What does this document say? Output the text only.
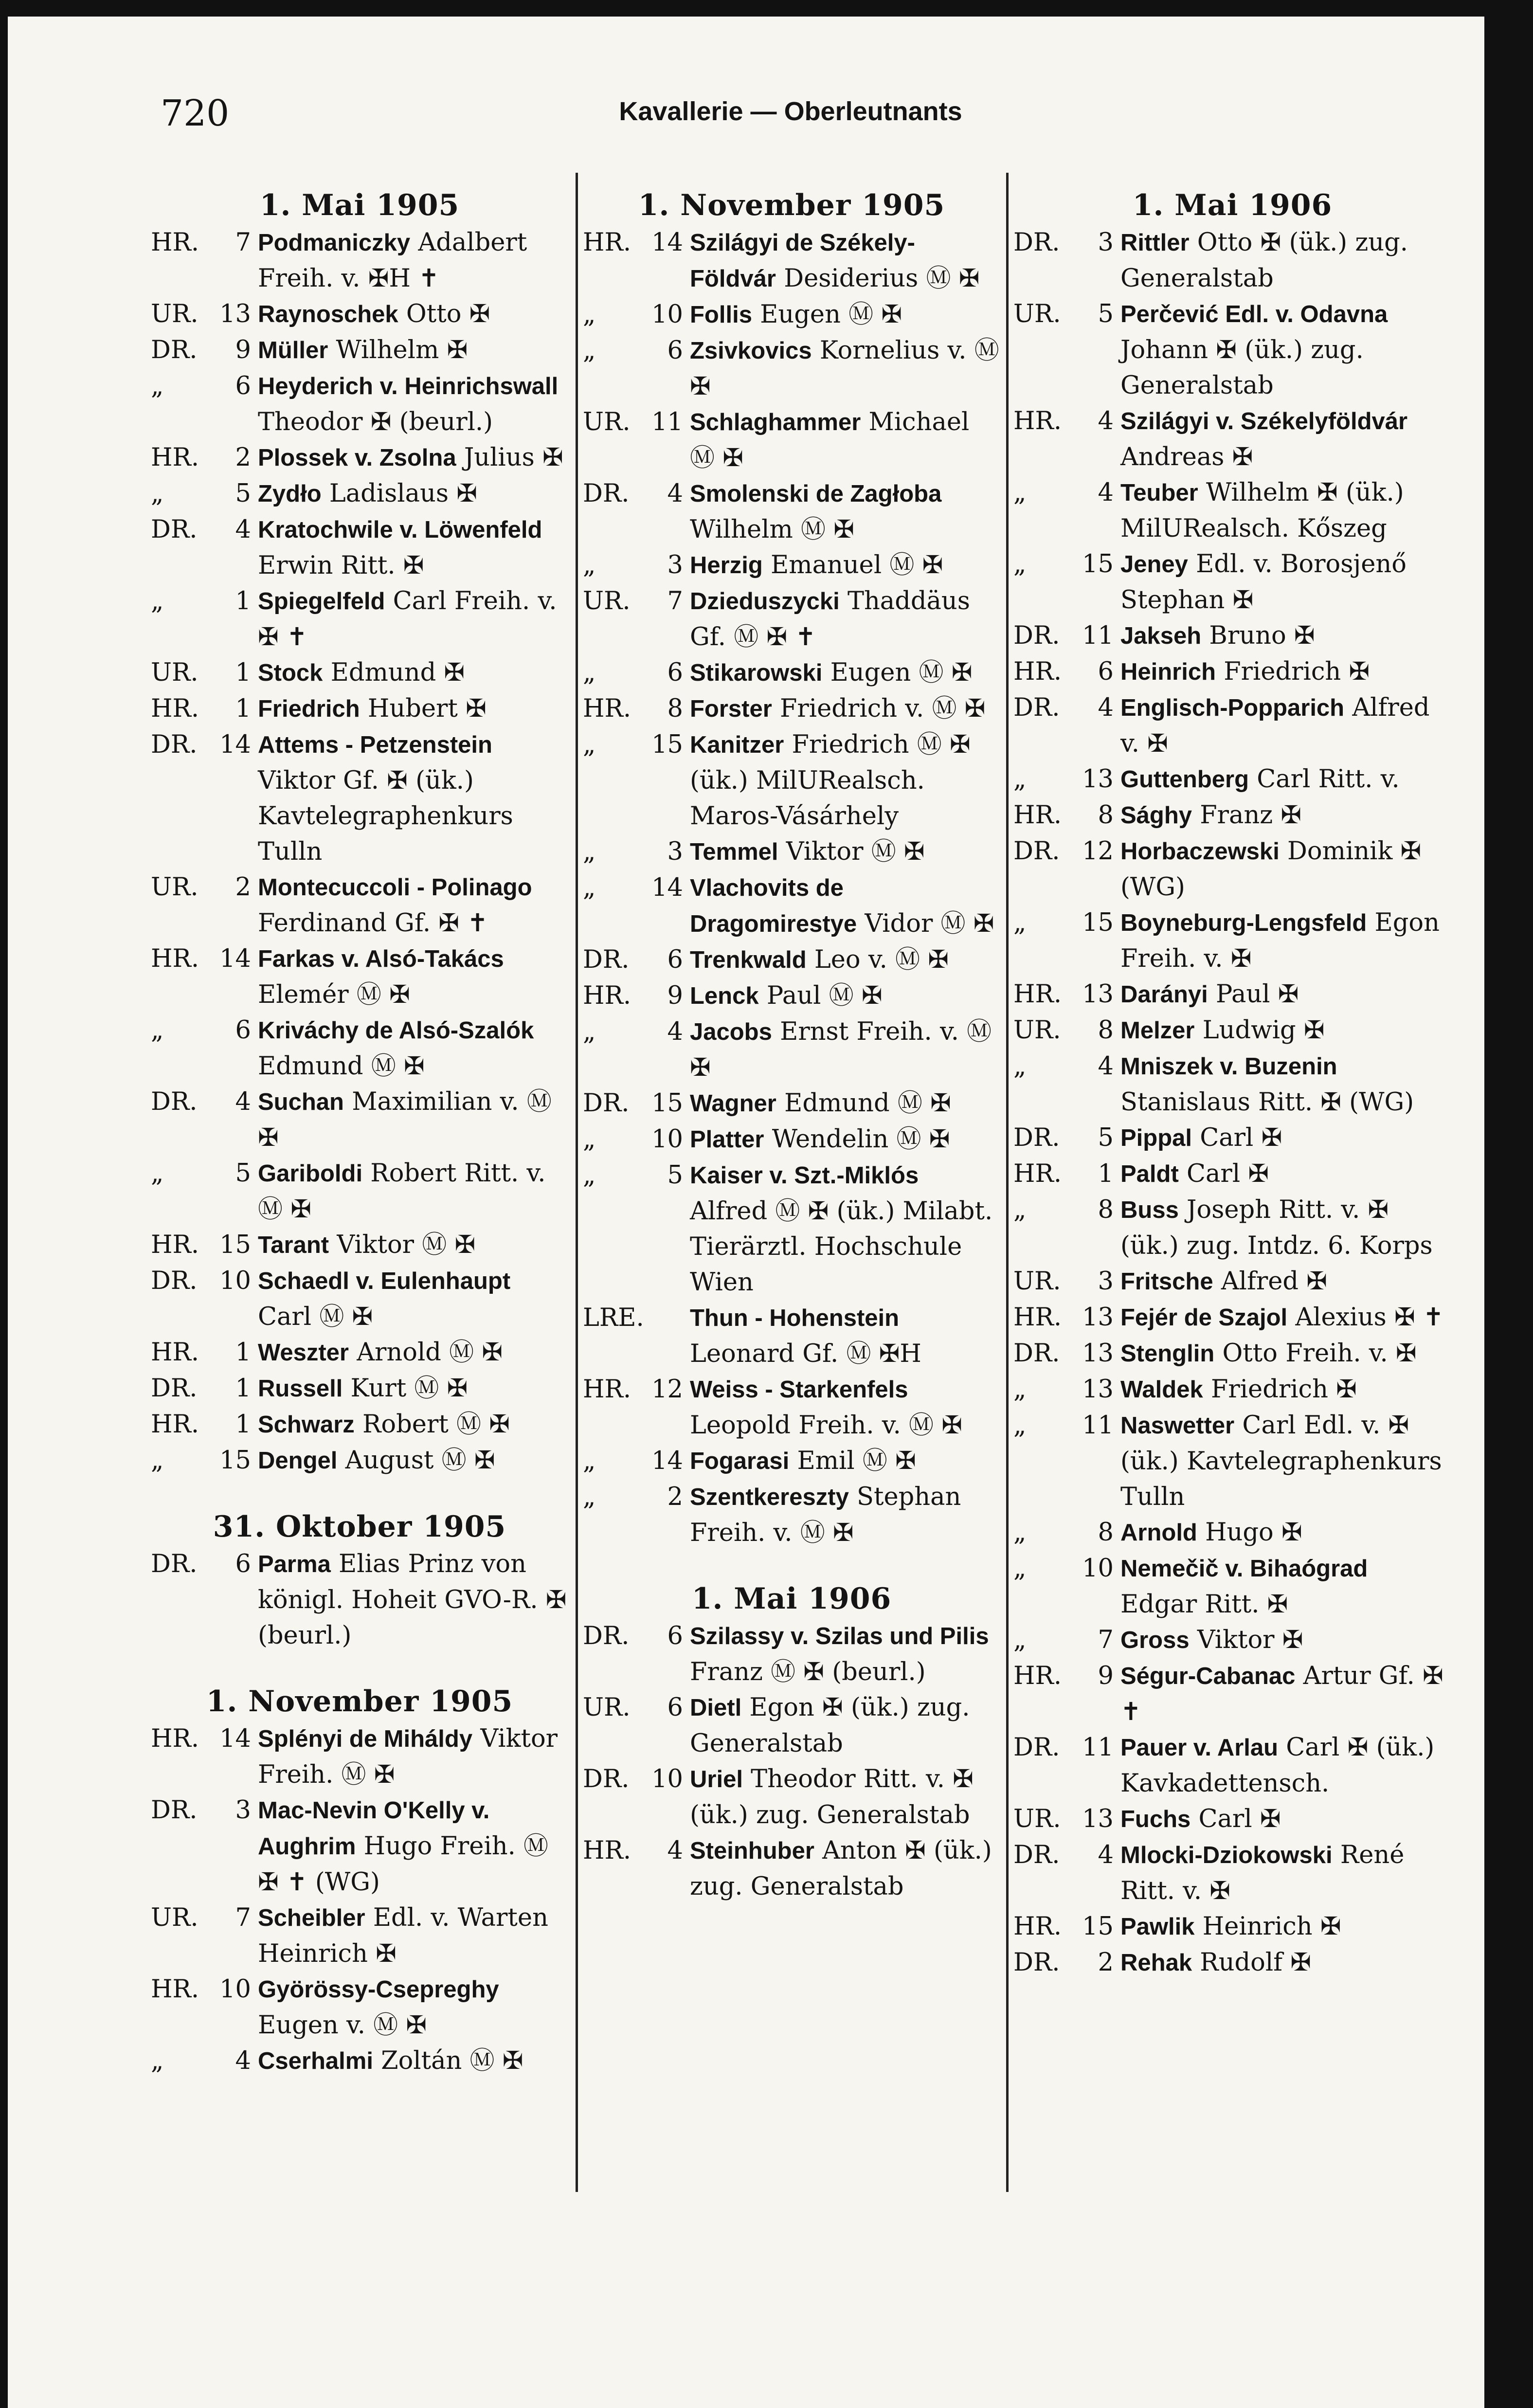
720	Kavallerie — Oberleutnants
1. Mai 1905
HR.	7 Podmaniczky Adalbert Freih. v. ✠H ✝
UR. 13 Raynoschek Otto ✠
DR.	9 Müller Wilhelm ✠
„	6 Heyderich v. Heinrichswall Theodor ✠ (beurl.)
HR.	2 Plossek v. Zsolna Julius ✠
„	5 Zydło Ladislaus ✠
DR.	4 Kratochwile v. Löwenfeld Erwin Ritt. ✠
„	1 Spiegelfeld Carl Freih. v. ✠ ✝
UR.	1 Stock Edmund ✠
HR.	1 Friedrich Hubert ✠
DR. 14 Attems - Petzenstein Viktor Gf. ✠ (ük.) Kavtelegraphenkurs Tulln
UR.	2 Montecuccoli - Polinago Ferdinand Gf. ✠ ✝
HR. 14 Farkas v. Alsó-Takács Elemér Ⓜ ✠
„	6 Kriváchy de Alsó-Szalók Edmund Ⓜ ✠
DR.	4 Suchan Maximilian v. Ⓜ ✠
„	5 Gariboldi Robert Ritt. v. Ⓜ ✠
HR. 15 Tarant Viktor Ⓜ ✠
DR. 10 Schaedl v. Eulenhaupt Carl Ⓜ ✠
HR.	1 Weszter Arnold Ⓜ ✠
DR.	1 Russell Kurt Ⓜ ✠
HR.	1 Schwarz Robert Ⓜ ✠
„	15 Dengel August Ⓜ ✠
31. Oktober 1905
DR.	6 Parma Elias Prinz von königl. Hoheit GVO-R. ✠ (beurl.)
1. November 1905
HR. 14 Splényi de Miháldy Viktor Freih. Ⓜ ✠
DR.	3 Mac-Nevin O'Kelly v. Aughrim Hugo Freih. Ⓜ ✠ ✝ (WG)
UR.	7 Scheibler Edl. v. Warten Heinrich ✠
HR. 10 Györössy-Csepreghy Eugen v. Ⓜ ✠
„	4 Cserhalmi Zoltán Ⓜ ✠
1. November 1905
HR. 14 Szilágyi de Székely-Földvár Desiderius Ⓜ ✠
„	10 Follis Eugen Ⓜ ✠
„	6 Zsivkovics Kornelius v. Ⓜ ✠
UR. 11 Schlaghammer Michael Ⓜ ✠
DR.	4 Smolenski de Zagłoba Wilhelm Ⓜ ✠
„	3 Herzig Emanuel Ⓜ ✠
UR.	7 Dzieduszycki Thaddäus Gf. Ⓜ ✠ ✝
„	6 Stikarowski Eugen Ⓜ ✠
HR.	8 Forster Friedrich v. Ⓜ ✠
„	15 Kanitzer Friedrich Ⓜ ✠ (ük.) MilURealsch. Maros-Vásárhely
„	3 Temmel Viktor Ⓜ ✠
„	14 Vlachovits de Dragomirestye Vidor Ⓜ ✠
DR.	6 Trenkwald Leo v. Ⓜ ✠
HR.	9 Lenck Paul Ⓜ ✠
„	4 Jacobs Ernst Freih. v. Ⓜ ✠
DR. 15 Wagner Edmund Ⓜ ✠
„	10 Platter Wendelin Ⓜ ✠
„	5 Kaiser v. Szt.-Miklós Alfred Ⓜ ✠ (ük.) Milabt. Tierärztl. Hochschule Wien
LRE. Thun - Hohenstein Leonard Gf. Ⓜ ✠H
HR. 12 Weiss - Starkenfels Leopold Freih. v. Ⓜ ✠
„	14 Fogarasi Emil Ⓜ ✠
„	2 Szentkereszty Stephan Freih. v. Ⓜ ✠
1. Mai 1906
DR.	6 Szilassy v. Szilas und Pilis Franz Ⓜ ✠ (beurl.)
UR.	6 Dietl Egon ✠ (ük.) zug. Generalstab
DR. 10 Uriel Theodor Ritt. v. ✠ (ük.) zug. Generalstab
HR.	4 Steinhuber Anton ✠ (ük.) zug. Generalstab
1. Mai 1906
DR.	3 Rittler Otto ✠ (ük.) zug. Generalstab
UR.	5 Perčević Edl. v. Odavna Johann ✠ (ük.) zug. Generalstab
HR.	4 Szilágyi v. Székelyföldvár Andreas ✠
„	4 Teuber Wilhelm ✠ (ük.) MilURealsch. Kőszeg
„	15 Jeney Edl. v. Borosjenő Stephan ✠
DR. 11 Jakseh Bruno ✠
HR.	6 Heinrich Friedrich ✠
DR.	4 Englisch-Popparich Alfred v. ✠
„	13 Guttenberg Carl Ritt. v.
HR.	8 Sághy Franz ✠
DR. 12 Horbaczewski Dominik ✠ (WG)
„	15 Boyneburg-Lengsfeld Egon Freih. v. ✠
HR. 13 Darányi Paul ✠
UR.	8 Melzer Ludwig ✠
„	4 Mniszek v. Buzenin Stanislaus Ritt. ✠ (WG)
DR.	5 Pippal Carl ✠
HR.	1 Paldt Carl ✠
„	8 Buss Joseph Ritt. v. ✠ (ük.) zug. Intdz. 6. Korps
UR.	3 Fritsche Alfred ✠
HR. 13 Fejér de Szajol Alexius ✠ ✝
DR. 13 Stenglin Otto Freih. v. ✠
„	13 Waldek Friedrich ✠
„	11 Naswetter Carl Edl. v. ✠ (ük.) Kavtelegraphenkurs Tulln
„	8 Arnold Hugo ✠
„	10 Nemečič v. Bihaógrad Edgar Ritt. ✠
„	7 Gross Viktor ✠
HR.	9 Ségur-Cabanac Artur Gf. ✠ ✝
DR. 11 Pauer v. Arlau Carl ✠ (ük.) Kavkadettensch.
UR. 13 Fuchs Carl ✠
DR.	4 Mlocki-Dziokowski René Ritt. v. ✠
HR. 15 Pawlik Heinrich ✠
DR.	2 Rehak Rudolf ✠
